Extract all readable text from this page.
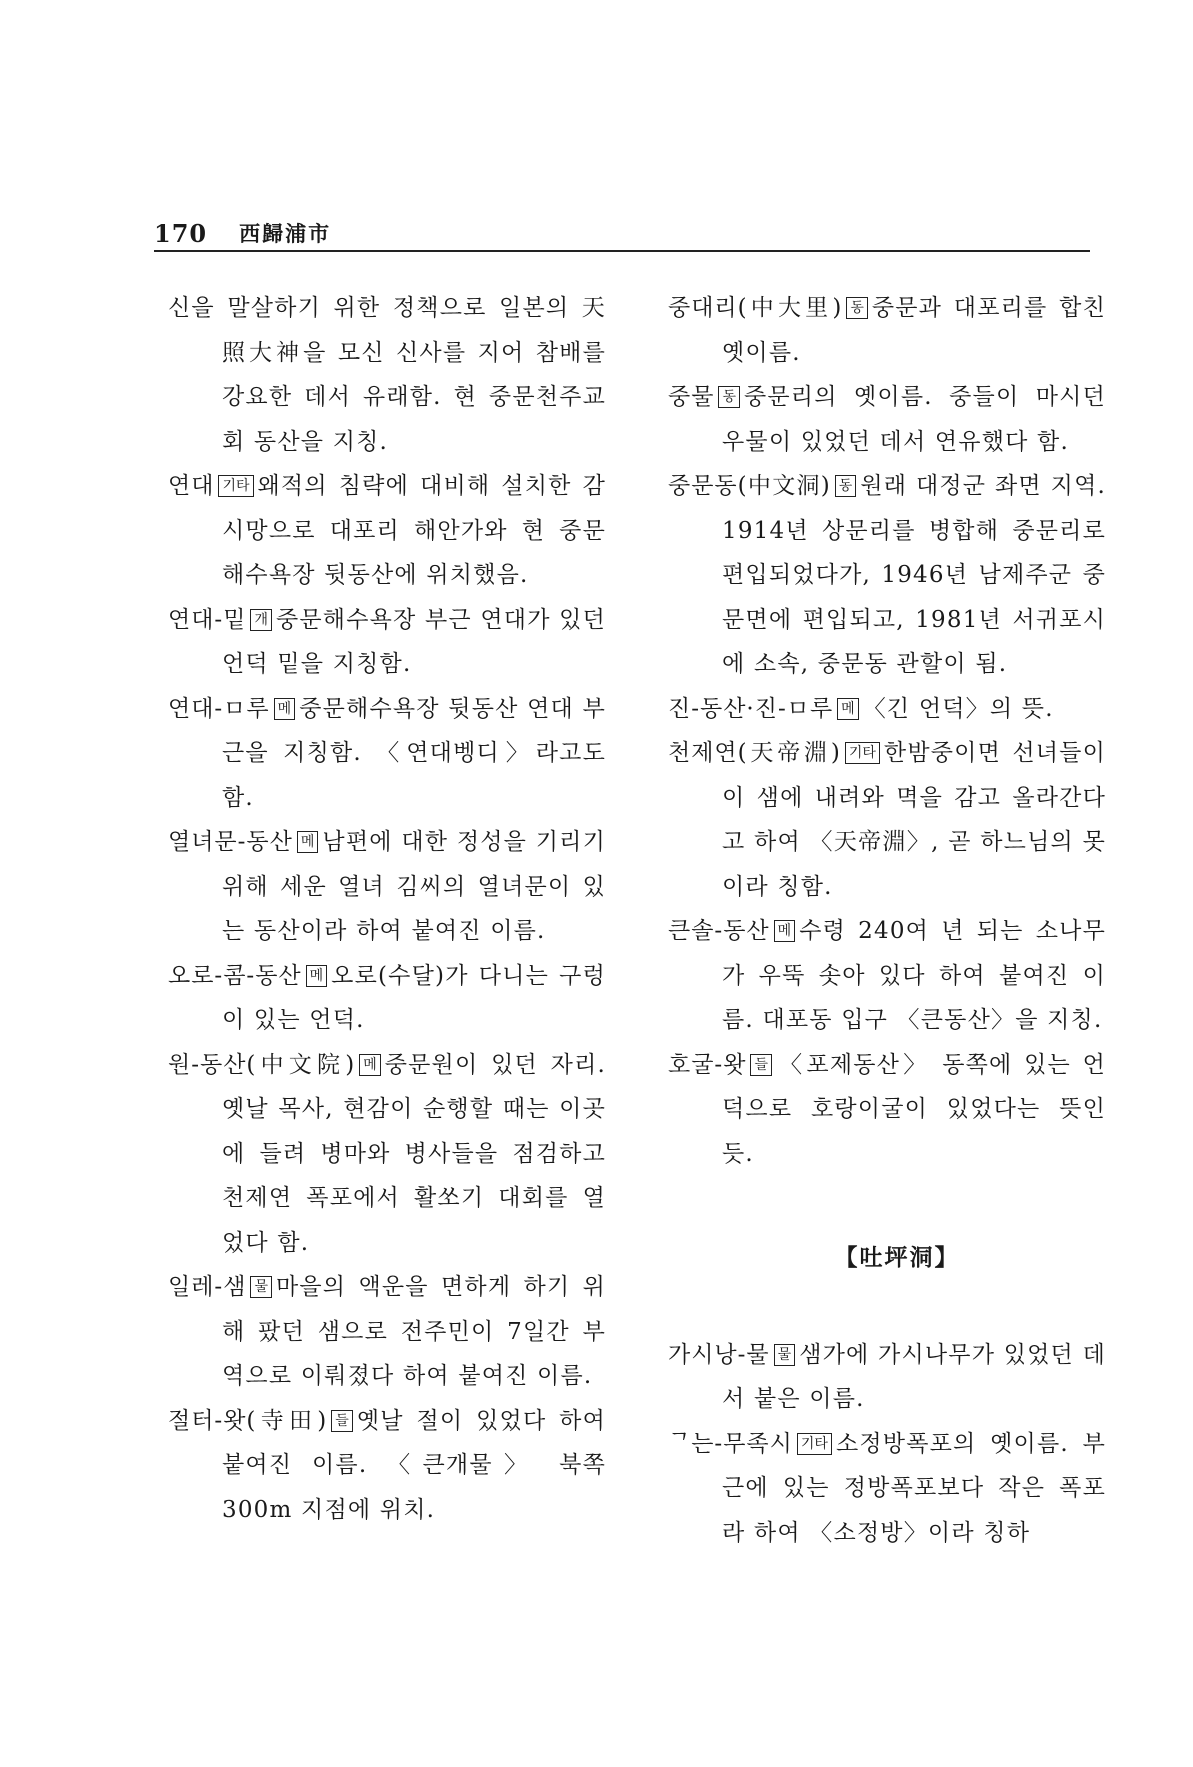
170 西歸浦市
신을 말살하기 위한 정책으로 일본의 天照大神을 모신 신사를 지어 참배를 강요한 데서 유래함. 현 중문천주교회 동산을 지칭.
연대 기타 왜적의 침략에 대비해 설치한 감시망으로 대포리 해안가와 현 중문해수욕장 뒷동산에 위치했음.
연대-밑 개 중문해수욕장 부근 연대가 있던 언덕 밑을 지칭함.
연대-ㅁ루 메 중문해수욕장 뒷동산 연대 부근을 지칭함. 〈연대벵디〉라고도 함.
열녀문-동산 메 남편에 대한 정성을 기리기 위해 세운 열녀 김씨의 열녀문이 있는 동산이라 하여 붙여진 이름.
오로-콤-동산 메 오로(수달)가 다니는 구렁이 있는 언덕.
원-동산(中文院) 메 중문원이 있던 자리. 옛날 목사, 현감이 순행할 때는 이곳에 들려 병마와 병사들을 점검하고 천제연 폭포에서 활쏘기 대회를 열었다 함.
일레-샘 물 마을의 액운을 면하게 하기 위해 팠던 샘으로 전주민이 7일간 부역으로 이뤄졌다 하여 붙여진 이름.
절터-왓(寺田) 들 옛날 절이 있었다 하여 붙여진 이름. 〈큰개물〉 북쪽 300m 지점에 위치.
중대리(中大里) 동 중문과 대포리를 합친 옛이름.
중물 동 중문리의 옛이름. 중들이 마시던 우물이 있었던 데서 연유했다 함.
중문동(中文洞) 동 원래 대정군 좌면 지역. 1914년 상문리를 병합해 중문리로 편입되었다가, 1946년 남제주군 중문면에 편입되고, 1981년 서귀포시에 소속, 중문동 관할이 됨.
진-동산·진-ㅁ루 메 〈긴 언덕〉의 뜻.
천제연(天帝淵) 기타 한밤중이면 선녀들이 이 샘에 내려와 멱을 감고 올라간다고 하여 〈天帝淵〉, 곧 하느님의 못이라 칭함.
큰솔-동산 메 수령 240여 년 되는 소나무가 우뚝 솟아 있다 하여 붙여진 이름. 대포동 입구 〈큰동산〉을 지칭.
호굴-왓 들 〈포제동산〉 동쪽에 있는 언덕으로 호랑이굴이 있었다는 뜻인 듯.
【吐坪洞】
가시낭-물 물 샘가에 가시나무가 있었던 데서 붙은 이름.
ᄀ는-무족시 기타 소정방폭포의 옛이름. 부근에 있는 정방폭포보다 작은 폭포라 하여 〈소정방〉이라 칭하
